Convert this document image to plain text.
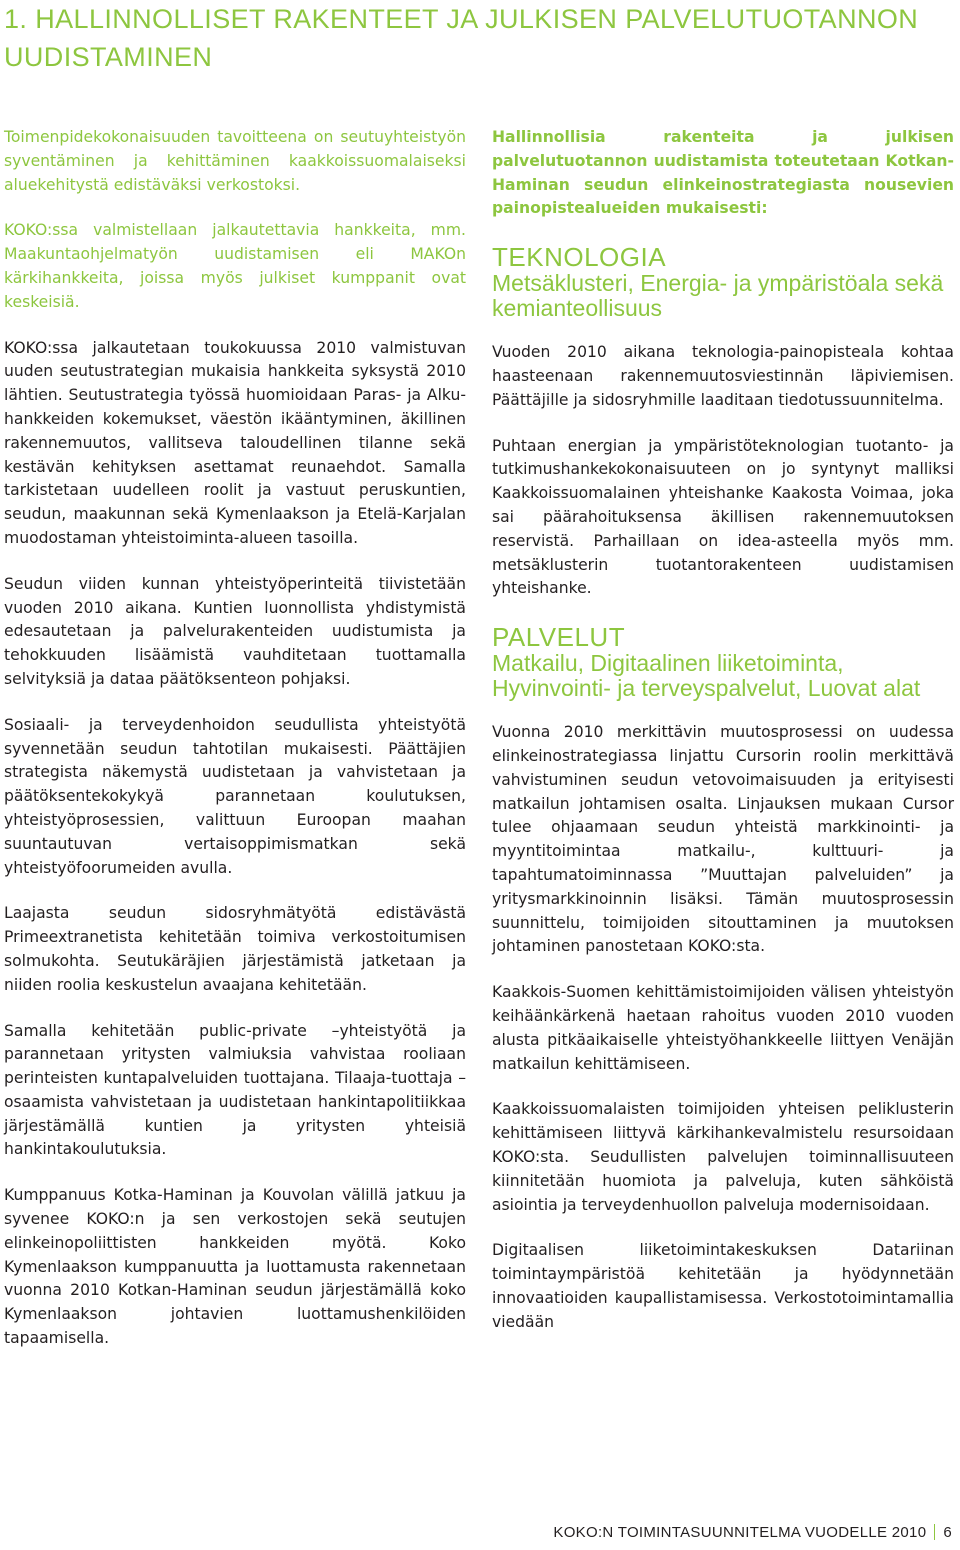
1. HALLINNOLLISET RAKENTEET JA JULKISEN PALVELUTUOTANNON UUDISTAMINEN

Toimenpidekokonaisuuden tavoitteena on seutuyhteistyön syventäminen ja kehittäminen kaakkoissuomalaiseksi aluekehitystä edistäväksi verkostoksi.

KOKO:ssa valmistellaan jalkautettavia hankkeita, mm. Maakuntaohjelmatyön uudistamisen eli MAKOn kärkihankkeita, joissa myös julkiset kumppanit ovat keskeisiä.

KOKO:ssa jalkautetaan toukokuussa 2010 valmistuvan uuden seutustrategian mukaisia hankkeita syksystä 2010 lähtien. Seutustrategia työssä huomioidaan Paras- ja Alku-hankkeiden kokemukset, väestön ikääntyminen, äkillinen rakennemuutos, vallitseva taloudellinen tilanne sekä kestävän kehityksen asettamat reunaehdot. Samalla tarkistetaan uudelleen roolit ja vastuut peruskuntien, seudun, maakunnan sekä Kymenlaakson ja Etelä-Karjalan muodostaman yhteistoiminta-alueen tasoilla.

Seudun viiden kunnan yhteistyöperinteitä tiivistetään vuoden 2010 aikana. Kuntien luonnollista yhdistymistä edesautetaan ja palvelurakenteiden uudistumista ja tehokkuuden lisäämistä vauhditetaan tuottamalla selvityksiä ja dataa päätöksenteon pohjaksi.

Sosiaali- ja terveydenhoidon seudullista yhteistyötä syvennetään seudun tahtotilan mukaisesti. Päättäjien strategista näkemystä uudistetaan ja vahvistetaan ja päätöksentekokykyä parannetaan koulutuksen, yhteistyöprosessien, valittuun Euroopan maahan suuntautuvan vertaisoppimismatkan sekä yhteistyöfoorumeiden avulla.

Laajasta seudun sidosryhmätyötä edistävästä Primeextranetista kehitetään toimiva verkostoitumisen solmukohta. Seutukäräjien järjestämistä jatketaan ja niiden roolia keskustelun avaajana kehitetään.

Samalla kehitetään public-private –yhteistyötä ja parannetaan yritysten valmiuksia vahvistaa rooliaan perinteisten kuntapalveluiden tuottajana. Tilaaja-tuottaja –osaamista vahvistetaan ja uudistetaan hankintapolitiikkaa järjestämällä kuntien ja yritysten yhteisiä hankintakoulutuksia.

Kumppanuus Kotka-Haminan ja Kouvolan välillä jatkuu ja syvenee KOKO:n ja sen verkostojen sekä seutujen elinkeinopoliittisten hankkeiden myötä. Koko Kymenlaakson kumppanuutta ja luottamusta rakennetaan vuonna 2010 Kotkan-Haminan seudun järjestämällä koko Kymenlaakson johtavien luottamushenkilöiden tapaamisella.

Hallinnollisia rakenteita ja julkisen palvelutuotannon uudistamista toteutetaan Kotkan-Haminan seudun elinkeinostrategiasta nousevien painopistealueiden mukaisesti:

TEKNOLOGIA
Metsäklusteri, Energia- ja ympäristöala sekä kemianteollisuus

Vuoden 2010 aikana teknologia-painopisteala kohtaa haasteenaan rakennemuutosviestinnän läpiviemisen. Päättäjille ja sidosryhmille laaditaan tiedotussuunnitelma.

Puhtaan energian ja ympäristöteknologian tuotanto- ja tutkimushankekokonaisuuteen on jo syntynyt malliksi Kaakkoissuomalainen yhteishanke Kaakosta Voimaa, joka sai päärahoituksensa äkillisen rakennemuutoksen reservistä. Parhaillaan on idea-asteella myös mm. metsäklusterin tuotantorakenteen uudistamisen yhteishanke.

PALVELUT
Matkailu, Digitaalinen liiketoiminta, Hyvinvointi- ja terveyspalvelut, Luovat alat

Vuonna 2010 merkittävin muutosprosessi on uudessa elinkeinostrategiassa linjattu Cursorin roolin merkittävä vahvistuminen seudun vetovoimaisuuden ja erityisesti matkailun johtamisen osalta. Linjauksen mukaan Cursor tulee ohjaamaan seudun yhteistä markkinointi- ja myyntitoimintaa matkailu-, kulttuuri- ja tapahtumatoiminnassa ”Muuttajan palveluiden” ja yritysmarkkinoinnin lisäksi. Tämän muutosprosessin suunnittelu, toimijoiden sitouttaminen ja muutoksen johtaminen panostetaan KOKO:sta.

Kaakkois-Suomen kehittämistoimijoiden välisen yhteistyön keihäänkärkenä haetaan rahoitus vuoden 2010 vuoden alusta pitkäaikaiselle yhteistyöhankkeelle liittyen Venäjän matkailun kehittämiseen.

Kaakkoissuomalaisten toimijoiden yhteisen peliklusterin kehittämiseen liittyvä kärkihankevalmistelu resursoidaan KOKO:sta. Seudullisten palvelujen toiminnallisuuteen kiinnitetään huomiota ja palveluja, kuten sähköistä asiointia ja terveydenhuollon palveluja modernisoidaan.

Digitaalisen liiketoimintakeskuksen Datariinan toimintaympäristöä kehitetään ja hyödynnetään innovaatioiden kaupallistamisessa. Verkostotoimintamallia viedään

KOKO:N TOIMINTASUUNNITELMA VUODELLE 2010 6
